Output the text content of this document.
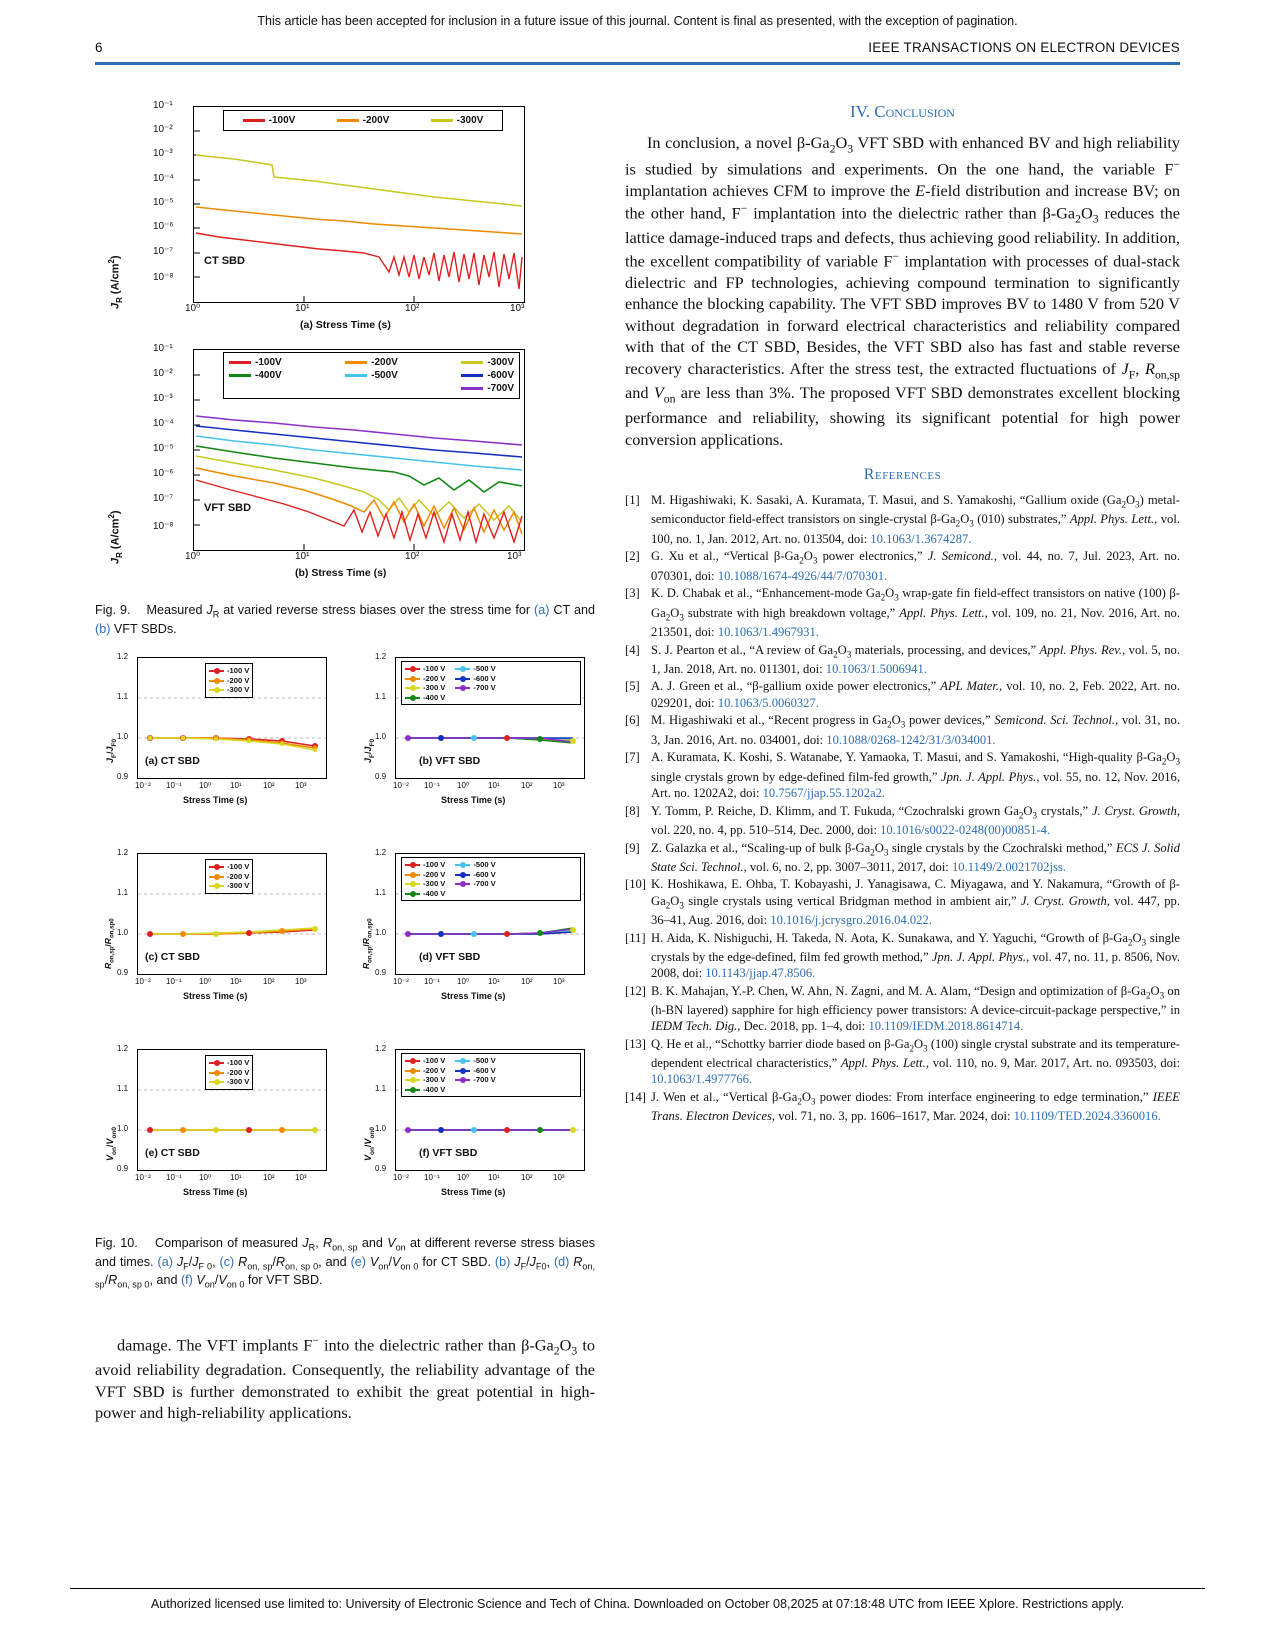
This article has been accepted for inclusion in a future issue of this journal. Content is final as presented, with the exception of pagination.
6	IEEE TRANSACTIONS ON ELECTRON DEVICES
$J_R$ $(A/cm^2)$	CT SBD
-100V	-200V	-300V
10⁻¹
10⁻²
10⁻³
10⁻⁴
10⁻⁵
10⁻⁶
10⁻⁷
10⁻⁸
10⁰	10¹	10²	10³
(a) Stress Time (s)
$J_R$ $(A/cm^2)$	VFT SBD
-100V	-200V	-300V
-400V	-500V	-600V
-700V
10⁻¹
10⁻²
10⁻³
10⁻⁴
10⁻⁵
10⁻⁶
10⁻⁷
10⁻⁸
10⁰	10¹	10²	10³
(b) Stress Time (s)
Fig. 9. Measured $J_R$ at varied reverse stress biases over the stress time for (a) CT and (b) VFT SBDs.
$J_F/J_{F0}$
-100 V
-200 V
-300 V
(a) CT SBD
1.2
1.1
1.0
0.9
10⁻² 10⁻¹ 10⁰ 10¹	10²	10³
Stress Time (s)
$J_F/J_{F0}$
-100 V
-200 V
-300 V
-400 V
-500 V
-600 V
-700 V
(b) VFT SBD
1.2
1.1
1.0
0.9
10⁻² 10⁻¹ 10⁰ 10¹	10²	10³
Stress Time (s)
$R_{on,sp}/R_{on,sp0}$
-100 V
-200 V
-300 V
(c) CT SBD
1.2
1.1
1.0
0.9
10⁻² 10⁻¹ 10⁰ 10¹	10²	10³
Stress Time (s)
$R_{on,sp}/R_{on,sp0}$
-100 V
-200 V
-300 V
-400 V
-500 V
-600 V
-700 V
(d) VFT SBD
1.2
1.1
1.0
0.9
10⁻² 10⁻¹ 10⁰ 10¹	10²	10³
Stress Time (s)
$V_{on}/V_{on0}$
-100 V
-200 V
-300 V
(e) CT SBD
1.2
1.1
1.0
0.9
10⁻² 10⁻¹ 10⁰ 10¹	10²	10³
Stress Time (s)
$V_{on}/V_{on0}$
-100 V
-200 V
-300 V
-400 V
-500 V
-600 V
-700 V
(f) VFT SBD
1.2
1.1
1.0
0.9
10⁻² 10⁻¹ 10⁰ 10¹	10²	10³
Stress Time (s)
Fig. 10. Comparison of measured $J_R$, $R_{on, sp}$ and $V_{on}$ at different reverse stress biases and times. (a) $J_F/J_{F 0}$, (c) $R_{on, sp}/R_{on, sp 0}$, and (e) $V_{on}/V_{on 0}$ for CT SBD. (b) $J_F/J_{F0}$, (d) $R_{on, sp}/R_{on, sp 0}$, and (f) $V_{on}/V_{on 0}$ for VFT SBD.
damage. The VFT implants F− into the dielectric rather than $\beta-Ga_2O_3$ to avoid reliability degradation. Consequently, the reliability advantage of the VFT SBD is further demonstrated to exhibit the great potential in high-power and high-reliability applications.
IV. Conclusion
In conclusion, a novel $\beta-Ga_2O_3$ VFT SBD with enhanced BV and high reliability is studied by simulations and experiments. On the one hand, the variable F− implantation achieves CFM to improve the E-field distribution and increase BV; on the other hand, F− implantation into the dielectric rather than $\beta-Ga_2O_3$ reduces the lattice damage-induced traps and defects, thus achieving good reliability. In addition, the excellent compatibility of variable F− implantation with processes of dual-stack dielectric and FP technologies, achieving compound termination to significantly enhance the blocking capability. The VFT SBD improves BV to 1480 V from 520 V without degradation in forward electrical characteristics and reliability compared with that of the CT SBD, Besides, the VFT SBD also has fast and stable reverse recovery characteristics. After the stress test, the extracted fluctuations of $J_F$, $R_{on,sp}$ and $V_{on}$ are less than 3%. The proposed VFT SBD demonstrates excellent blocking performance and reliability, showing its significant potential for high power conversion applications.
References
[1] M. Higashiwaki, K. Sasaki, A. Kuramata, T. Masui, and S. Yamakoshi, “Gallium oxide $(Ga_2O_3)$ metal-semiconductor field-effect transistors on single-crystal $\beta-Ga_2O_3$ (010) substrates,” Appl. Phys. Lett., vol. 100, no. 1, Jan. 2012, Art. no. 013504, doi: 10.1063/1.3674287.
[2] G. Xu et al., “Vertical $\beta-Ga_2O_3$ power electronics,” J. Semicond., vol. 44, no. 7, Jul. 2023, Art. no. 070301, doi: 10.1088/1674-4926/44/7/070301.
[3] K. D. Chabak et al., “Enhancement-mode $Ga_2O_3$ wrap-gate fin field-effect transistors on native (100) $\beta-Ga_2O_3$ substrate with high breakdown voltage,” Appl. Phys. Lett., vol. 109, no. 21, Nov. 2016, Art. no. 213501, doi: 10.1063/1.4967931.
[4] S. J. Pearton et al., “A review of $Ga_2O_3$ materials, processing, and devices,” Appl. Phys. Rev., vol. 5, no. 1, Jan. 2018, Art. no. 011301, doi: 10.1063/1.5006941.
[5] A. J. Green et al., “β-gallium oxide power electronics,” APL Mater., vol. 10, no. 2, Feb. 2022, Art. no. 029201, doi: 10.1063/5.0060327.
[6] M. Higashiwaki et al., “Recent progress in $Ga_2O_3$ power devices,” Semicond. Sci. Technol., vol. 31, no. 3, Jan. 2016, Art. no. 034001, doi: 10.1088/0268-1242/31/3/034001.
[7] A. Kuramata, K. Koshi, S. Watanabe, Y. Yamaoka, T. Masui, and S. Yamakoshi, “High-quality $\beta-Ga_2O_3$ single crystals grown by edge-defined film-fed growth,” Jpn. J. Appl. Phys., vol. 55, no. 12, Nov. 2016, Art. no. 1202A2, doi: 10.7567/jjap.55.1202a2.
[8] Y. Tomm, P. Reiche, D. Klimm, and T. Fukuda, “Czochralski grown $Ga_2O_3$ crystals,” J. Cryst. Growth, vol. 220, no. 4, pp. 510–514, Dec. 2000, doi: 10.1016/s0022-0248(00)00851-4.
[9] Z. Galazka et al., “Scaling-up of bulk $\beta-Ga_2O_3$ single crystals by the Czochralski method,” ECS J. Solid State Sci. Technol., vol. 6, no. 2, pp. 3007–3011, 2017, doi: 10.1149/2.0021702jss.
[10] K. Hoshikawa, E. Ohba, T. Kobayashi, J. Yanagisawa, C. Miyagawa, and Y. Nakamura, “Growth of $\beta-Ga_2O_3$ single crystals using vertical Bridgman method in ambient air,” J. Cryst. Growth, vol. 447, pp. 36–41, Aug. 2016, doi: 10.1016/j.jcrysgro.2016.04.022.
[11] H. Aida, K. Nishiguchi, H. Takeda, N. Aota, K. Sunakawa, and Y. Yaguchi, “Growth of $\beta-Ga_2O_3$ single crystals by the edge-defined, film fed growth method,” Jpn. J. Appl. Phys., vol. 47, no. 11, p. 8506, Nov. 2008, doi: 10.1143/jjap.47.8506.
[12] B. K. Mahajan, Y.-P. Chen, W. Ahn, N. Zagni, and M. A. Alam, “Design and optimization of $\beta-Ga_2O_3$ on (h-BN layered) sapphire for high efficiency power transistors: A device-circuit-package perspective,” in IEDM Tech. Dig., Dec. 2018, pp. 1–4, doi: 10.1109/IEDM.2018.8614714.
[13] Q. He et al., “Schottky barrier diode based on $\beta-Ga_2O_3$ (100) single crystal substrate and its temperature-dependent electrical characteristics,” Appl. Phys. Lett., vol. 110, no. 9, Mar. 2017, Art. no. 093503, doi: 10.1063/1.4977766.
[14] J. Wen et al., “Vertical $\beta-Ga_2O_3$ power diodes: From interface engineering to edge termination,” IEEE Trans. Electron Devices, vol. 71, no. 3, pp. 1606–1617, Mar. 2024, doi: 10.1109/TED.2024.3360016.
Authorized licensed use limited to: University of Electronic Science and Tech of China. Downloaded on October 08,2025 at 07:18:48 UTC from IEEE Xplore. Restrictions apply.
